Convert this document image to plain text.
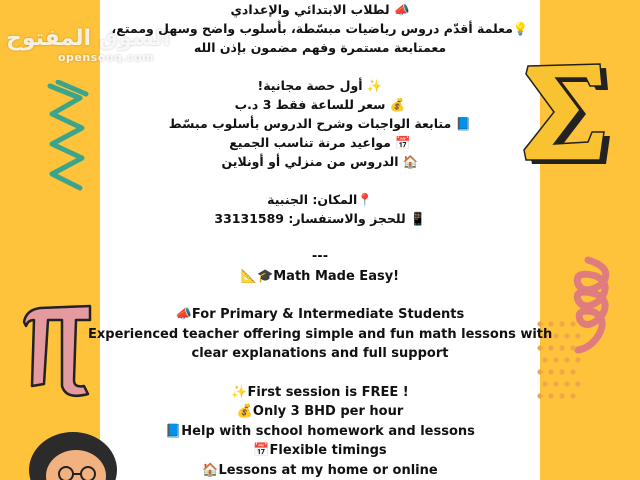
السوق المفتوح
opensooq.com
📣 لطلاب الابتدائي والإعدادي
💡معلمة أقدّم دروس رياضيات مبسّطة، بأسلوب واضح وسهل وممتع،
معمتابعة مستمرة وفهم مضمون بإذن الله
✨ أول حصة مجانية!
💰 سعر للساعة فقط 3 د.ب
📘 متابعة الواجبات وشرح الدروس بأسلوب مبسّط
📅 مواعيد مرنة تناسب الجميع
🏠 الدروس من منزلي أو أونلاين
📍المكان: الجنبية
📱 للحجز والاستفسار: 33131589
---
📐🎓Math Made Easy!
📣For Primary & Intermediate Students
Experienced teacher offering simple and fun math lessons with
clear explanations and full support
✨First session is FREE !
💰Only 3 BHD per hour
📘Help with school homework and lessons
📅Flexible timings
🏠Lessons at my home or online
